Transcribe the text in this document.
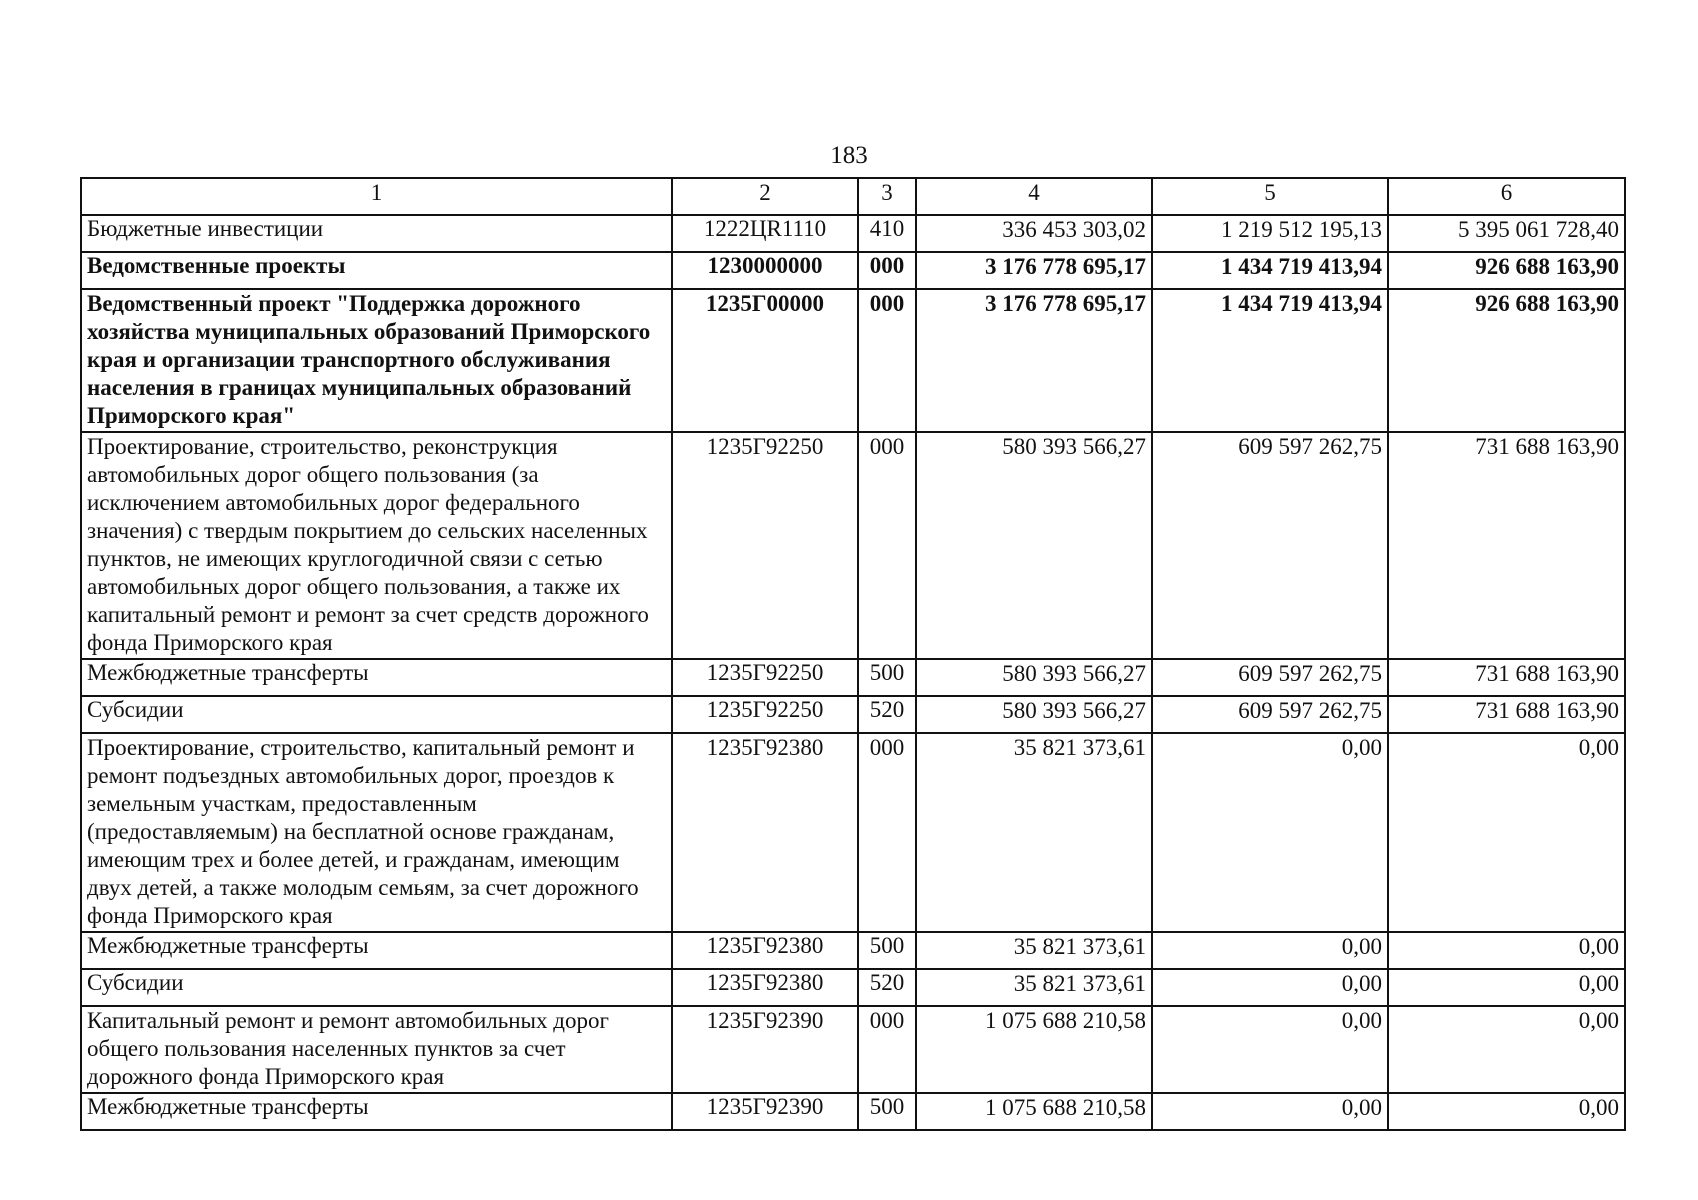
183
1	2	3	4	5	6
Бюджетные инвестиции	1222ЦR1110	410	336 453 303,02	1 219 512 195,13	5 395 061 728,40
Ведомственные проекты	1230000000	000	3 176 778 695,17	1 434 719 413,94	926 688 163,90
Ведомственный проект "Поддержка дорожного хозяйства муниципальных образований Приморского края и организации транспортного обслуживания населения в границах муниципальных образований Приморского края"	1235Г00000	000	3 176 778 695,17	1 434 719 413,94	926 688 163,90
Проектирование, строительство, реконструкция автомобильных дорог общего пользования (за исключением автомобильных дорог федерального значения) с твердым покрытием до сельских населенных пунктов, не имеющих круглогодичной связи с сетью автомобильных дорог общего пользования, а также их капитальный ремонт и ремонт за счет средств дорожного фонда Приморского края	1235Г92250	000	580 393 566,27	609 597 262,75	731 688 163,90
Межбюджетные трансферты	1235Г92250	500	580 393 566,27	609 597 262,75	731 688 163,90
Субсидии	1235Г92250	520	580 393 566,27	609 597 262,75	731 688 163,90
Проектирование, строительство, капитальный ремонт и ремонт подъездных автомобильных дорог, проездов к земельным участкам, предоставленным (предоставляемым) на бесплатной основе гражданам, имеющим трех и более детей, и гражданам, имеющим двух детей, а также молодым семьям, за счет дорожного фонда Приморского края	1235Г92380	000	35 821 373,61	0,00	0,00
Межбюджетные трансферты	1235Г92380	500	35 821 373,61	0,00	0,00
Субсидии	1235Г92380	520	35 821 373,61	0,00	0,00
Капитальный ремонт и ремонт автомобильных дорог общего пользования населенных пунктов за счет дорожного фонда Приморского края	1235Г92390	000	1 075 688 210,58	0,00	0,00
Межбюджетные трансферты	1235Г92390	500	1 075 688 210,58	0,00	0,00
